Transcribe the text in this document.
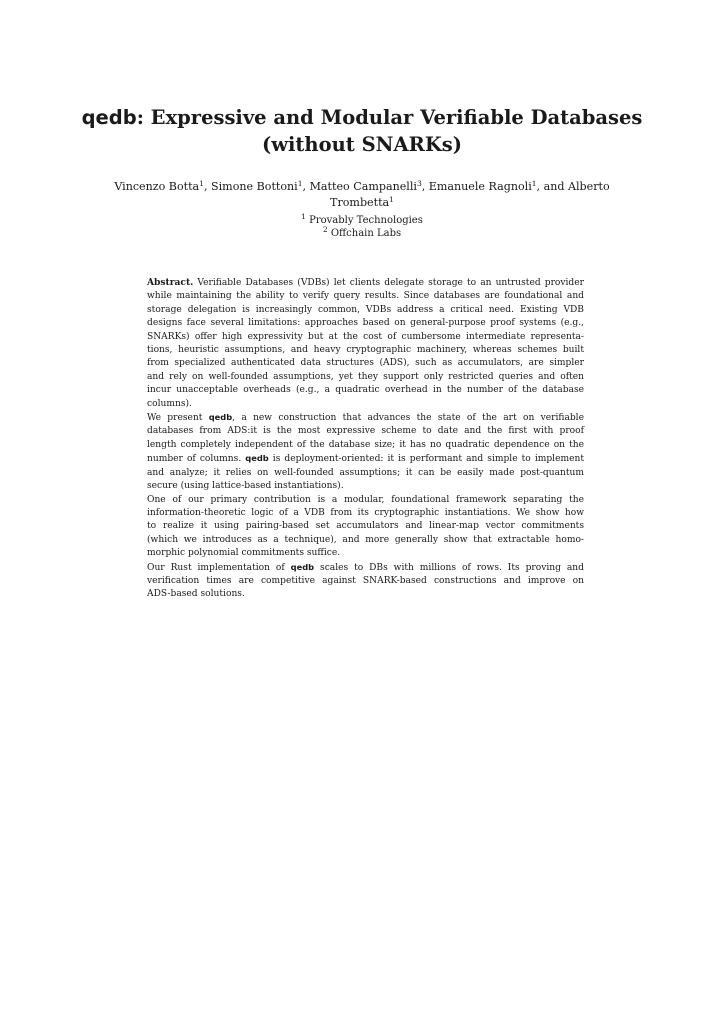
qedb: Expressive and Modular Verifiable Databases
(without SNARKs)
Vincenzo Botta$^1$, Simone Bottoni$^1$, Matteo Campanelli$^3$, Emanuele Ragnoli$^1$, and Alberto
Trombetta$^1$
$^1$ Provably Technologies
$^2$ Offchain Labs
Abstract. Verifiable Databases (VDBs) let clients delegate storage to an untrusted provider
while maintaining the ability to verify query results. Since databases are foundational and
storage delegation is increasingly common, VDBs address a critical need. Existing VDB
designs face several limitations: approaches based on general-purpose proof systems (e.g.,
SNARKs) offer high expressivity but at the cost of cumbersome intermediate representa-
tions, heuristic assumptions, and heavy cryptographic machinery, whereas schemes built
from specialized authenticated data structures (ADS), such as accumulators, are simpler
and rely on well-founded assumptions, yet they support only restricted queries and often
incur unacceptable overheads (e.g., a quadratic overhead in the number of the database
columns).
We present qedb, a new construction that advances the state of the art on verifiable
databases from ADS:it is the most expressive scheme to date and the first with proof
length completely independent of the database size; it has no quadratic dependence on the
number of columns. qedb is deployment-oriented: it is performant and simple to implement
and analyze; it relies on well-founded assumptions; it can be easily made post-quantum
secure (using lattice-based instantiations).
One of our primary contribution is a modular, foundational framework separating the
information-theoretic logic of a VDB from its cryptographic instantiations. We show how
to realize it using pairing-based set accumulators and linear-map vector commitments
(which we introduces as a technique), and more generally show that extractable homo-
morphic polynomial commitments suffice.
Our Rust implementation of qedb scales to DBs with millions of rows. Its proving and
verification times are competitive against SNARK-based constructions and improve on
ADS-based solutions.
